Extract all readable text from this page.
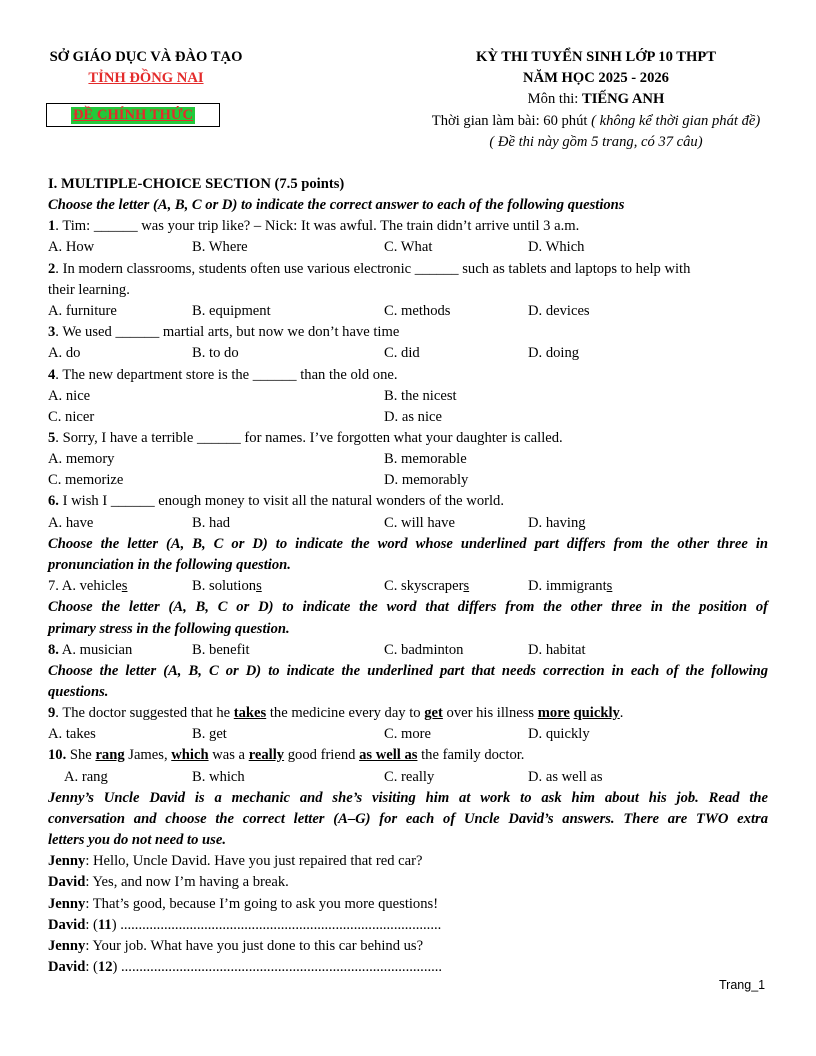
SỞ GIÁO DỤC VÀ ĐÀO TẠO
TỈNH ĐỒNG NAI
ĐỀ CHÍNH THỨC
KỲ THI TUYỂN SINH LỚP 10 THPT
NĂM HỌC 2025 - 2026
Môn thi: TIẾNG ANH
Thời gian làm bài: 60 phút ( không kể thời gian phát đề)
( Đề thi này gồm 5 trang, có 37 câu)
I. MULTIPLE-CHOICE SECTION (7.5 points)
Choose the letter (A, B, C or D) to indicate the correct answer to each of the following questions
1. Tim: ______ was your trip like? – Nick: It was awful. The train didn’t arrive until 3 a.m.
A. How	B. Where	C. What	D. Which
2. In modern classrooms, students often use various electronic ______ such as tablets and laptops to help with
their learning.
A. furniture	B. equipment	C. methods	D. devices
3. We used ______ martial arts, but now we don’t have time
A. do	B. to do	C. did	D. doing
4. The new department store is the ______ than the old one.
A. nice	B. the nicest
C. nicer	D. as nice
5. Sorry, I have a terrible ______ for names. I’ve forgotten what your daughter is called.
A. memory	B. memorable
C. memorize	D. memorably
6. I wish I ______ enough money to visit all the natural wonders of the world.
A. have	B. had	C. will have	D. having
Choose the letter (A, B, C or D) to indicate the word whose underlined part differs from the other three in
pronunciation in the following question.
7. A. vehicles	B. solutions	C. skyscrapers	D. immigrants
Choose the letter (A, B, C or D) to indicate the word that differs from the other three in the position of
primary stress in the following question.
8. A. musician	B. benefit	C. badminton	D. habitat
Choose the letter (A, B, C or D) to indicate the underlined part that needs correction in each of the following
questions.
9. The doctor suggested that he takes the medicine every day to get over his illness more quickly.
A. takes	B. get	C. more	D. quickly
10. She rang James, which was a really good friend as well as the family doctor.
A. rang	B. which	C. really	D. as well as
Jenny’s Uncle David is a mechanic and she’s visiting him at work to ask him about his job. Read the
conversation and choose the correct letter (A–G) for each of Uncle David’s answers. There are TWO extra
letters you do not need to use.
Jenny: Hello, Uncle David. Have you just repaired that red car?
David: Yes, and now I’m having a break.
Jenny: That’s good, because I’m going to ask you more questions!
David: (11) ........................................................................................
Jenny: Your job. What have you just done to this car behind us?
David: (12) ........................................................................................
Trang_1
